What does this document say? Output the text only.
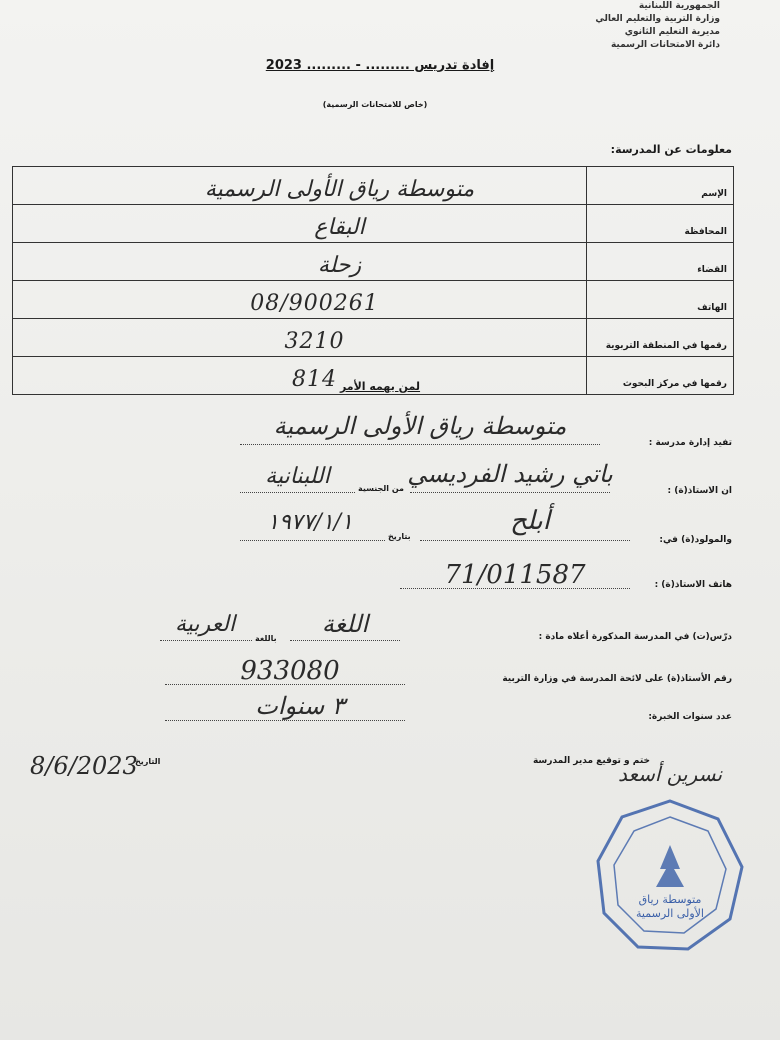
الجمهورية اللبنانية
وزارة التربية والتعليم العالي
مديرية التعليم الثانوي
دائرة الامتحانات الرسمية
إفادة تدريس ......... - ......... 2023
(خاص للامتحانات الرسمية)
معلومات عن المدرسة:
متوسطة رياق الأولى الرسمية	الإسم
البقاع	المحافظة
زحلة	القضاء
08/900261	الهاتف
3210	رقمها في المنطقة التربوية
814	رقمها في مركز البحوث
لمن يهمه الأمر
تفيد إدارة مدرسة :
متوسطة رياق الأولى الرسمية
ان الاستاذ(ة) :
باتي رشيد الفرديسي
من الجنسية
اللبنانية
والمولود(ة) في:
أبلح
بتاريخ
١٩٧٧/١/١
هاتف الاستاذ(ة) :
71/011587
درّس(ت) في المدرسة المذكورة أعلاه مادة :
اللغة
باللغة
العربية
رقم الأستاذ(ة) على لائحة المدرسة في وزارة التربية
933080
عدد سنوات الخبرة:
٣ سنوات
ختم و توقيع مدير المدرسة
نسرين أسعد
التاريخ
8/6/2023
متوسطة رياق
الأولى الرسمية
